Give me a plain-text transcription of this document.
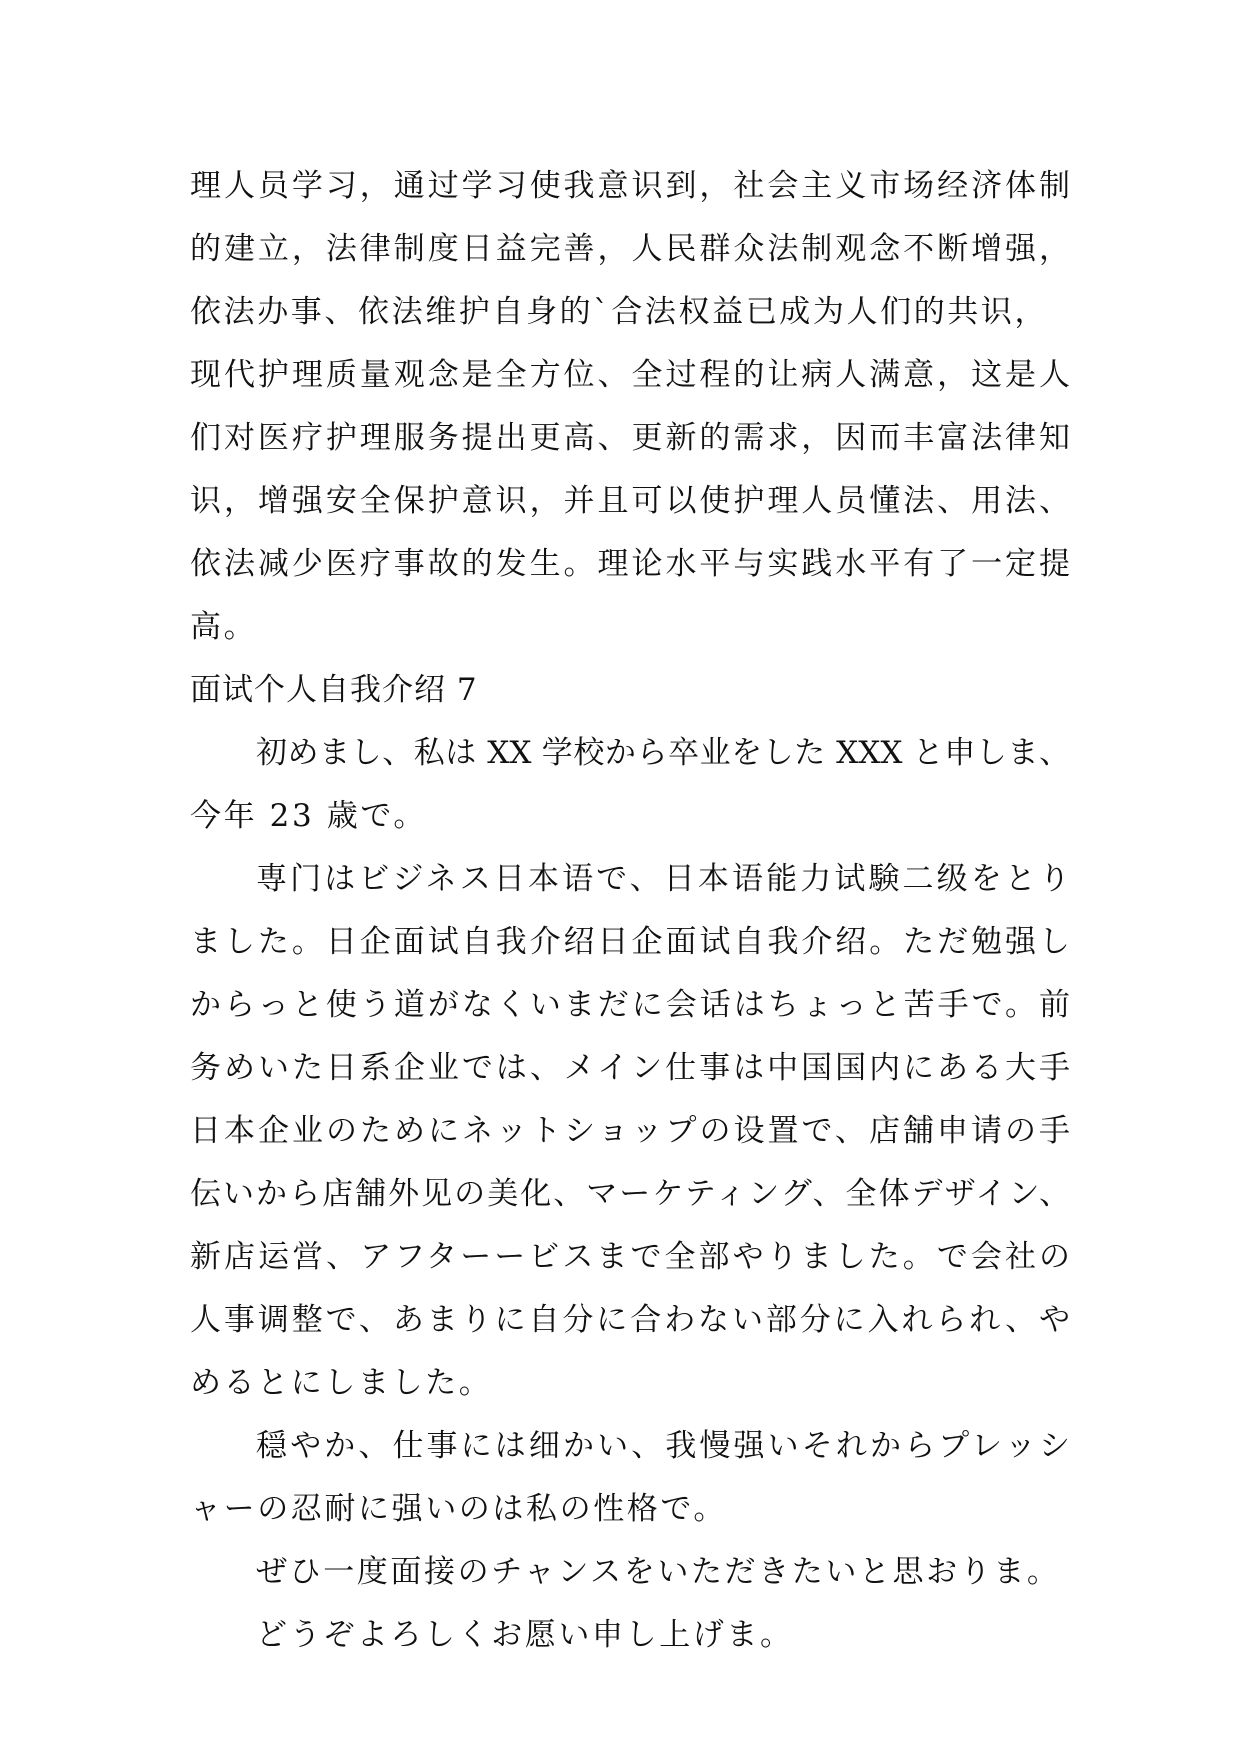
理人员学习，通过学习使我意识到，社会主义市场经济体制
的建立，法律制度日益完善，人民群众法制观念不断增强，
依法办事、依法维护自身的`合法权益已成为人们的共识，
现代护理质量观念是全方位、全过程的让病人满意，这是人
们对医疗护理服务提出更高、更新的需求，因而丰富法律知
识，增强安全保护意识，并且可以使护理人员懂法、用法、
依法减少医疗事故的发生。理论水平与实践水平有了一定提
高。
面试个人自我介绍 7
初めまし、私は XX 学校から卒业をした XXX と申しま、
今年 23 歳で。
専门はビジネス日本语で、日本语能力试験二级をとり
ました。日企面试自我介绍日企面试自我介绍。ただ勉强し
からっと使う道がなくいまだに会话はちょっと苦手で。前
务めいた日系企业では、メイン仕事は中国国内にある大手
日本企业のためにネットショップの设置で、店舗申请の手
伝いから店舗外见の美化、マーケティング、全体デザイン、
新店运営、アフターービスまで全部やりました。で会社の
人事调整で、あまりに自分に合わない部分に入れられ、や
めるとにしました。
穏やか、仕事には细かい、我慢强いそれからプレッシ
ャーの忍耐に强いのは私の性格で。
ぜひ一度面接のチャンスをいただきたいと思おりま。
どうぞよろしくお愿い申し上げま。
